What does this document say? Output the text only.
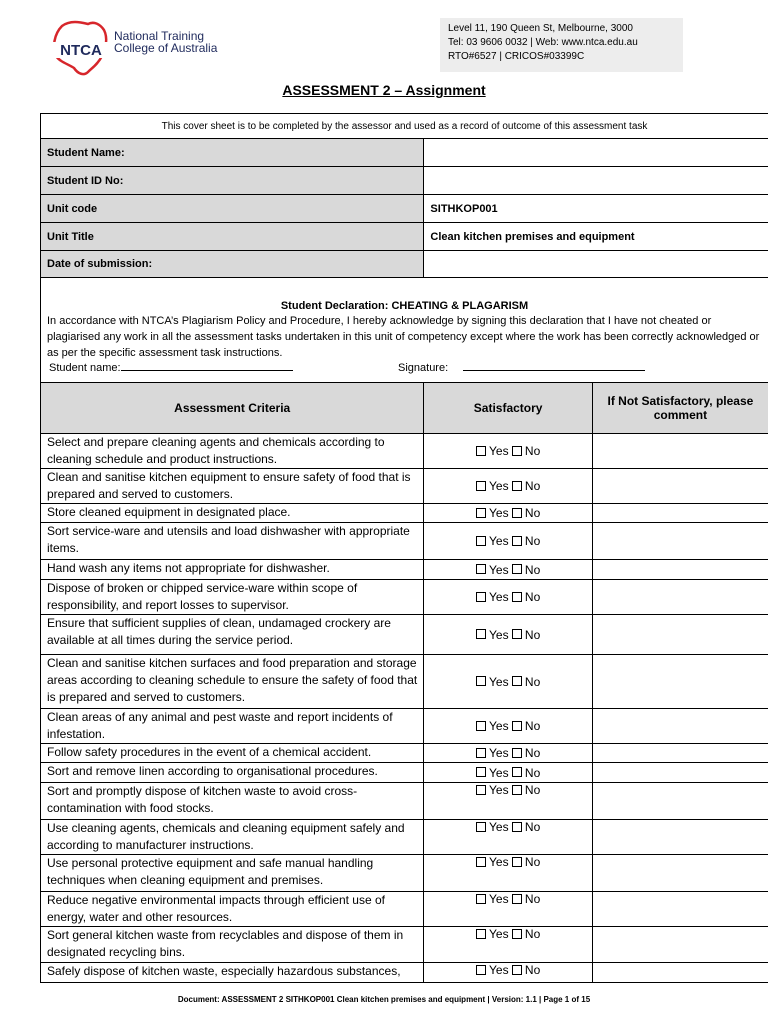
NTCA
National Training
College of Australia
Level 11, 190 Queen St, Melbourne, 3000
Tel: 03 9606 0032 | Web: www.ntca.edu.au
RTO#6527 | CRICOS#03399C
ASSESSMENT 2 – Assignment
This cover sheet is to be completed by the assessor and used as a record of outcome of this assessment task		
Student Name:		
Student ID No:		
Unit code	SITHKOP001	
Unit Title	Clean kitchen premises and equipment	
Date of submission:		

Student Declaration: CHEATING & PLAGARISM
In accordance with NTCA’s Plagiarism Policy and Procedure, I hereby acknowledge by signing this declaration that I have not cheated or plagiarised any work in all the assessment tasks undertaken in this unit of competency except where the work has been correctly acknowledged or as per the specific assessment task instructions.
Student name: Signature:		

Assessment Criteria	Satisfactory	If Not Satisfactory, please comment
Select and prepare cleaning agents and chemicals according to cleaning schedule and product instructions.	Yes No	
Clean and sanitise kitchen equipment to ensure safety of food that is prepared and served to customers.	Yes No	
Store cleaned equipment in designated place.	Yes No	
Sort service-ware and utensils and load dishwasher with appropriate items.	Yes No	
Hand wash any items not appropriate for dishwasher.	Yes No	
Dispose of broken or chipped service-ware within scope of responsibility, and report losses to supervisor.	Yes No	
Ensure that sufficient supplies of clean, undamaged crockery are available at all times during the service period.	Yes No	
Clean and sanitise kitchen surfaces and food preparation and storage areas according to cleaning schedule to ensure the safety of food that is prepared and served to customers.	Yes No	
Clean areas of any animal and pest waste and report incidents of infestation.	Yes No	
Follow safety procedures in the event of a chemical accident.	Yes No	
Sort and remove linen according to organisational procedures.	Yes No	
Sort and promptly dispose of kitchen waste to avoid cross-contamination with food stocks.	Yes No	
Use cleaning agents, chemicals and cleaning equipment safely and according to manufacturer instructions.	Yes No	
Use personal protective equipment and safe manual handling techniques when cleaning equipment and premises.	Yes No	
Reduce negative environmental impacts through efficient use of energy, water and other resources.	Yes No	
Sort general kitchen waste from recyclables and dispose of them in designated recycling bins.	Yes No	
Safely dispose of kitchen waste, especially hazardous substances,	Yes No	
Document: ASSESSMENT 2 SITHKOP001 Clean kitchen premises and equipment | Version: 1.1 | Page 1 of 15
